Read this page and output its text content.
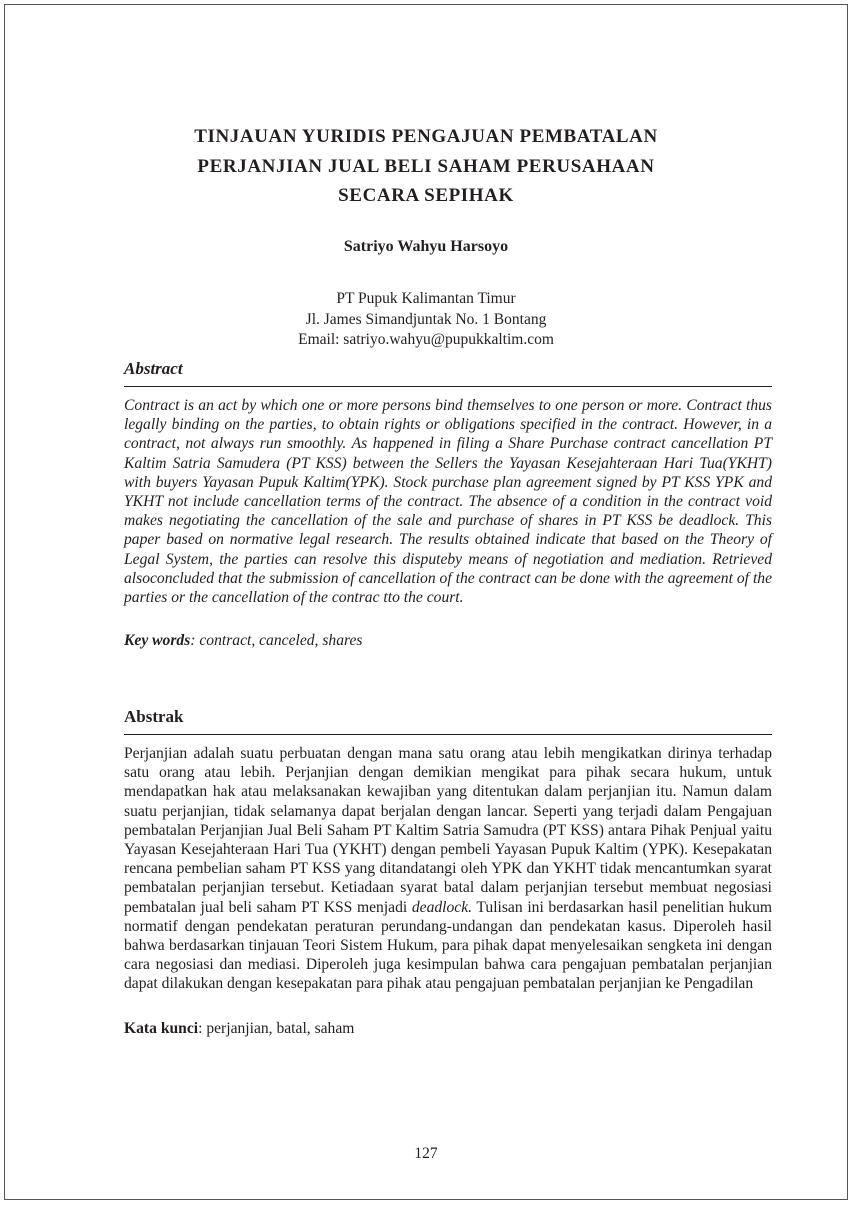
TINJAUAN YURIDIS PENGAJUAN PEMBATALAN
PERJANJIAN JUAL BELI SAHAM PERUSAHAAN
SECARA SEPIHAK
Satriyo Wahyu Harsoyo
PT Pupuk Kalimantan Timur
Jl. James Simandjuntak No. 1 Bontang
Email: satriyo.wahyu@pupukkaltim.com
Abstract

Contract is an act by which one or more persons bind themselves to one person or more. Contract thus legally binding on the parties, to obtain rights or obligations specified in the contract. However, in a contract, not always run smoothly. As happened in filing a Share Purchase contract cancellation PT Kaltim Satria Samudera (PT KSS) between the Sellers the Yayasan Kesejahteraan Hari Tua(YKHT) with buyers Yayasan Pupuk Kaltim(YPK). Stock purchase plan agreement signed by PT KSS YPK and YKHT not include cancellation terms of the contract. The absence of a condition in the contract void makes negotiating the cancellation of the sale and purchase of shares in PT KSS be deadlock. This paper based on normative legal research. The results obtained indicate that based on the Theory of Legal System, the parties can resolve this disputeby means of negotiation and mediation. Retrieved alsoconcluded that the submission of cancellation of the contract can be done with the agreement of the parties or the cancellation of the contrac tto the court.

Key words: contract, canceled, shares
Abstrak

Perjanjian adalah suatu perbuatan dengan mana satu orang atau lebih mengikatkan dirinya terhadap satu orang atau lebih. Perjanjian dengan demikian mengikat para pihak secara hukum, untuk mendapatkan hak atau melaksanakan kewajiban yang ditentukan dalam perjanjian itu. Namun dalam suatu perjanjian, tidak selamanya dapat berjalan dengan lancar. Seperti yang terjadi dalam Pengajuan pembatalan Perjanjian Jual Beli Saham PT Kaltim Satria Samudra (PT KSS) antara Pihak Penjual yaitu Yayasan Kesejahteraan Hari Tua (YKHT) dengan pembeli Yayasan Pupuk Kaltim (YPK). Kesepakatan rencana pembelian saham PT KSS yang ditandatangi oleh YPK dan YKHT tidak mencantumkan syarat pembatalan perjanjian tersebut. Ketiadaan syarat batal dalam perjanjian tersebut membuat negosiasi pembatalan jual beli saham PT KSS menjadi deadlock. Tulisan ini berdasarkan hasil penelitian hukum normatif dengan pendekatan peraturan perundang-undangan dan pendekatan kasus. Diperoleh hasil bahwa berdasarkan tinjauan Teori Sistem Hukum, para pihak dapat menyelesaikan sengketa ini dengan cara negosiasi dan mediasi. Diperoleh juga kesimpulan bahwa cara pengajuan pembatalan perjanjian dapat dilakukan dengan kesepakatan para pihak atau pengajuan pembatalan perjanjian ke Pengadilan

Kata kunci: perjanjian, batal, saham
127
